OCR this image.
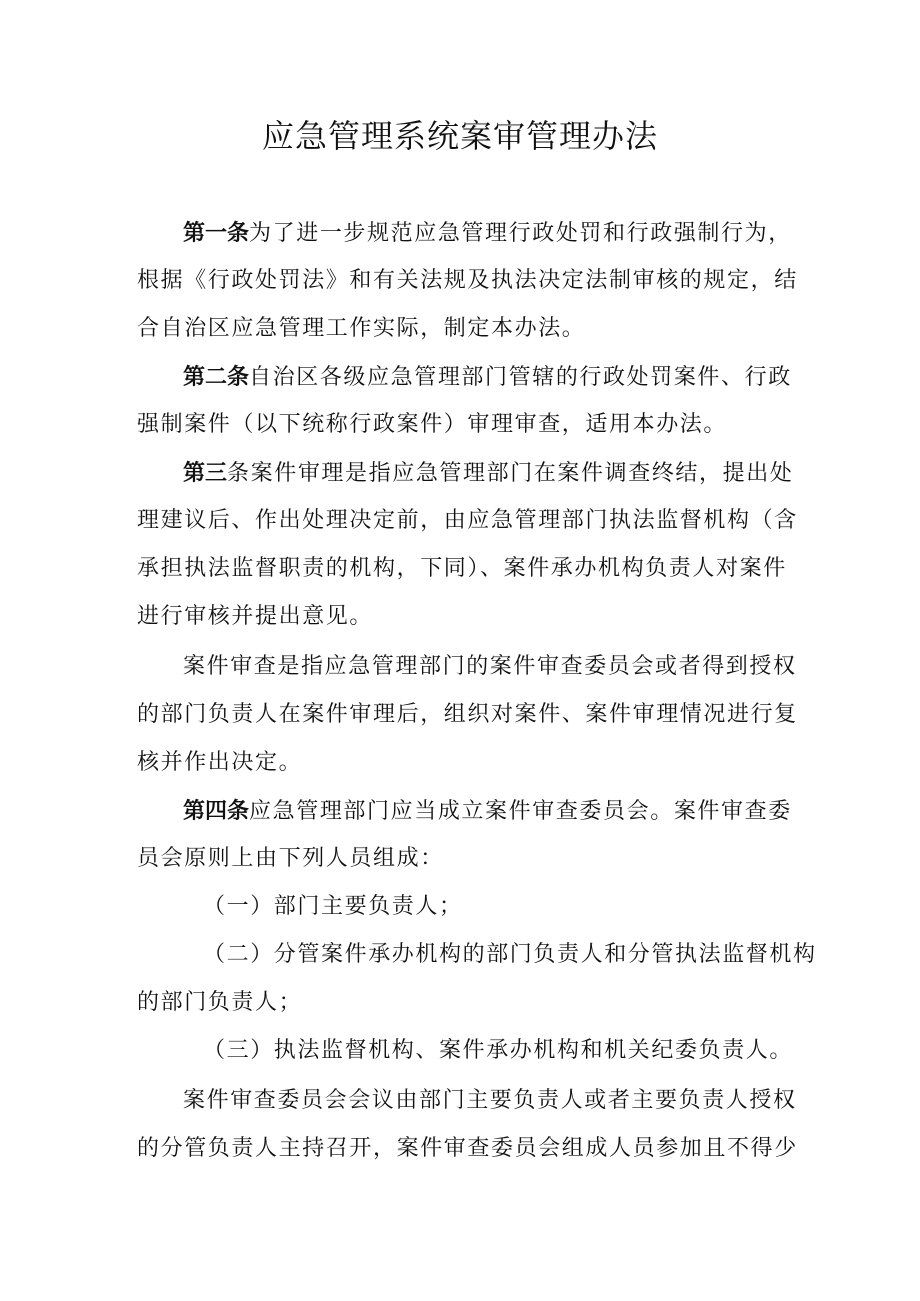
应急管理系统案审管理办法
第一条为了进一步规范应急管理行政处罚和行政强制行为，
根据《行政处罚法》和有关法规及执法决定法制审核的规定，结
合自治区应急管理工作实际，制定本办法。
第二条自治区各级应急管理部门管辖的行政处罚案件、行政
强制案件（以下统称行政案件）审理审查，适用本办法。
第三条案件审理是指应急管理部门在案件调查终结，提出处
理建议后、作出处理决定前，由应急管理部门执法监督机构（含
承担执法监督职责的机构，下同）、案件承办机构负责人对案件
进行审核并提出意见。
案件审查是指应急管理部门的案件审查委员会或者得到授权
的部门负责人在案件审理后，组织对案件、案件审理情况进行复
核并作出决定。
第四条应急管理部门应当成立案件审查委员会。案件审查委
员会原则上由下列人员组成：
（一）部门主要负责人；
（二）分管案件承办机构的部门负责人和分管执法监督机构
的部门负责人；
（三）执法监督机构、案件承办机构和机关纪委负责人。
案件审查委员会会议由部门主要负责人或者主要负责人授权
的分管负责人主持召开，案件审查委员会组成人员参加且不得少
